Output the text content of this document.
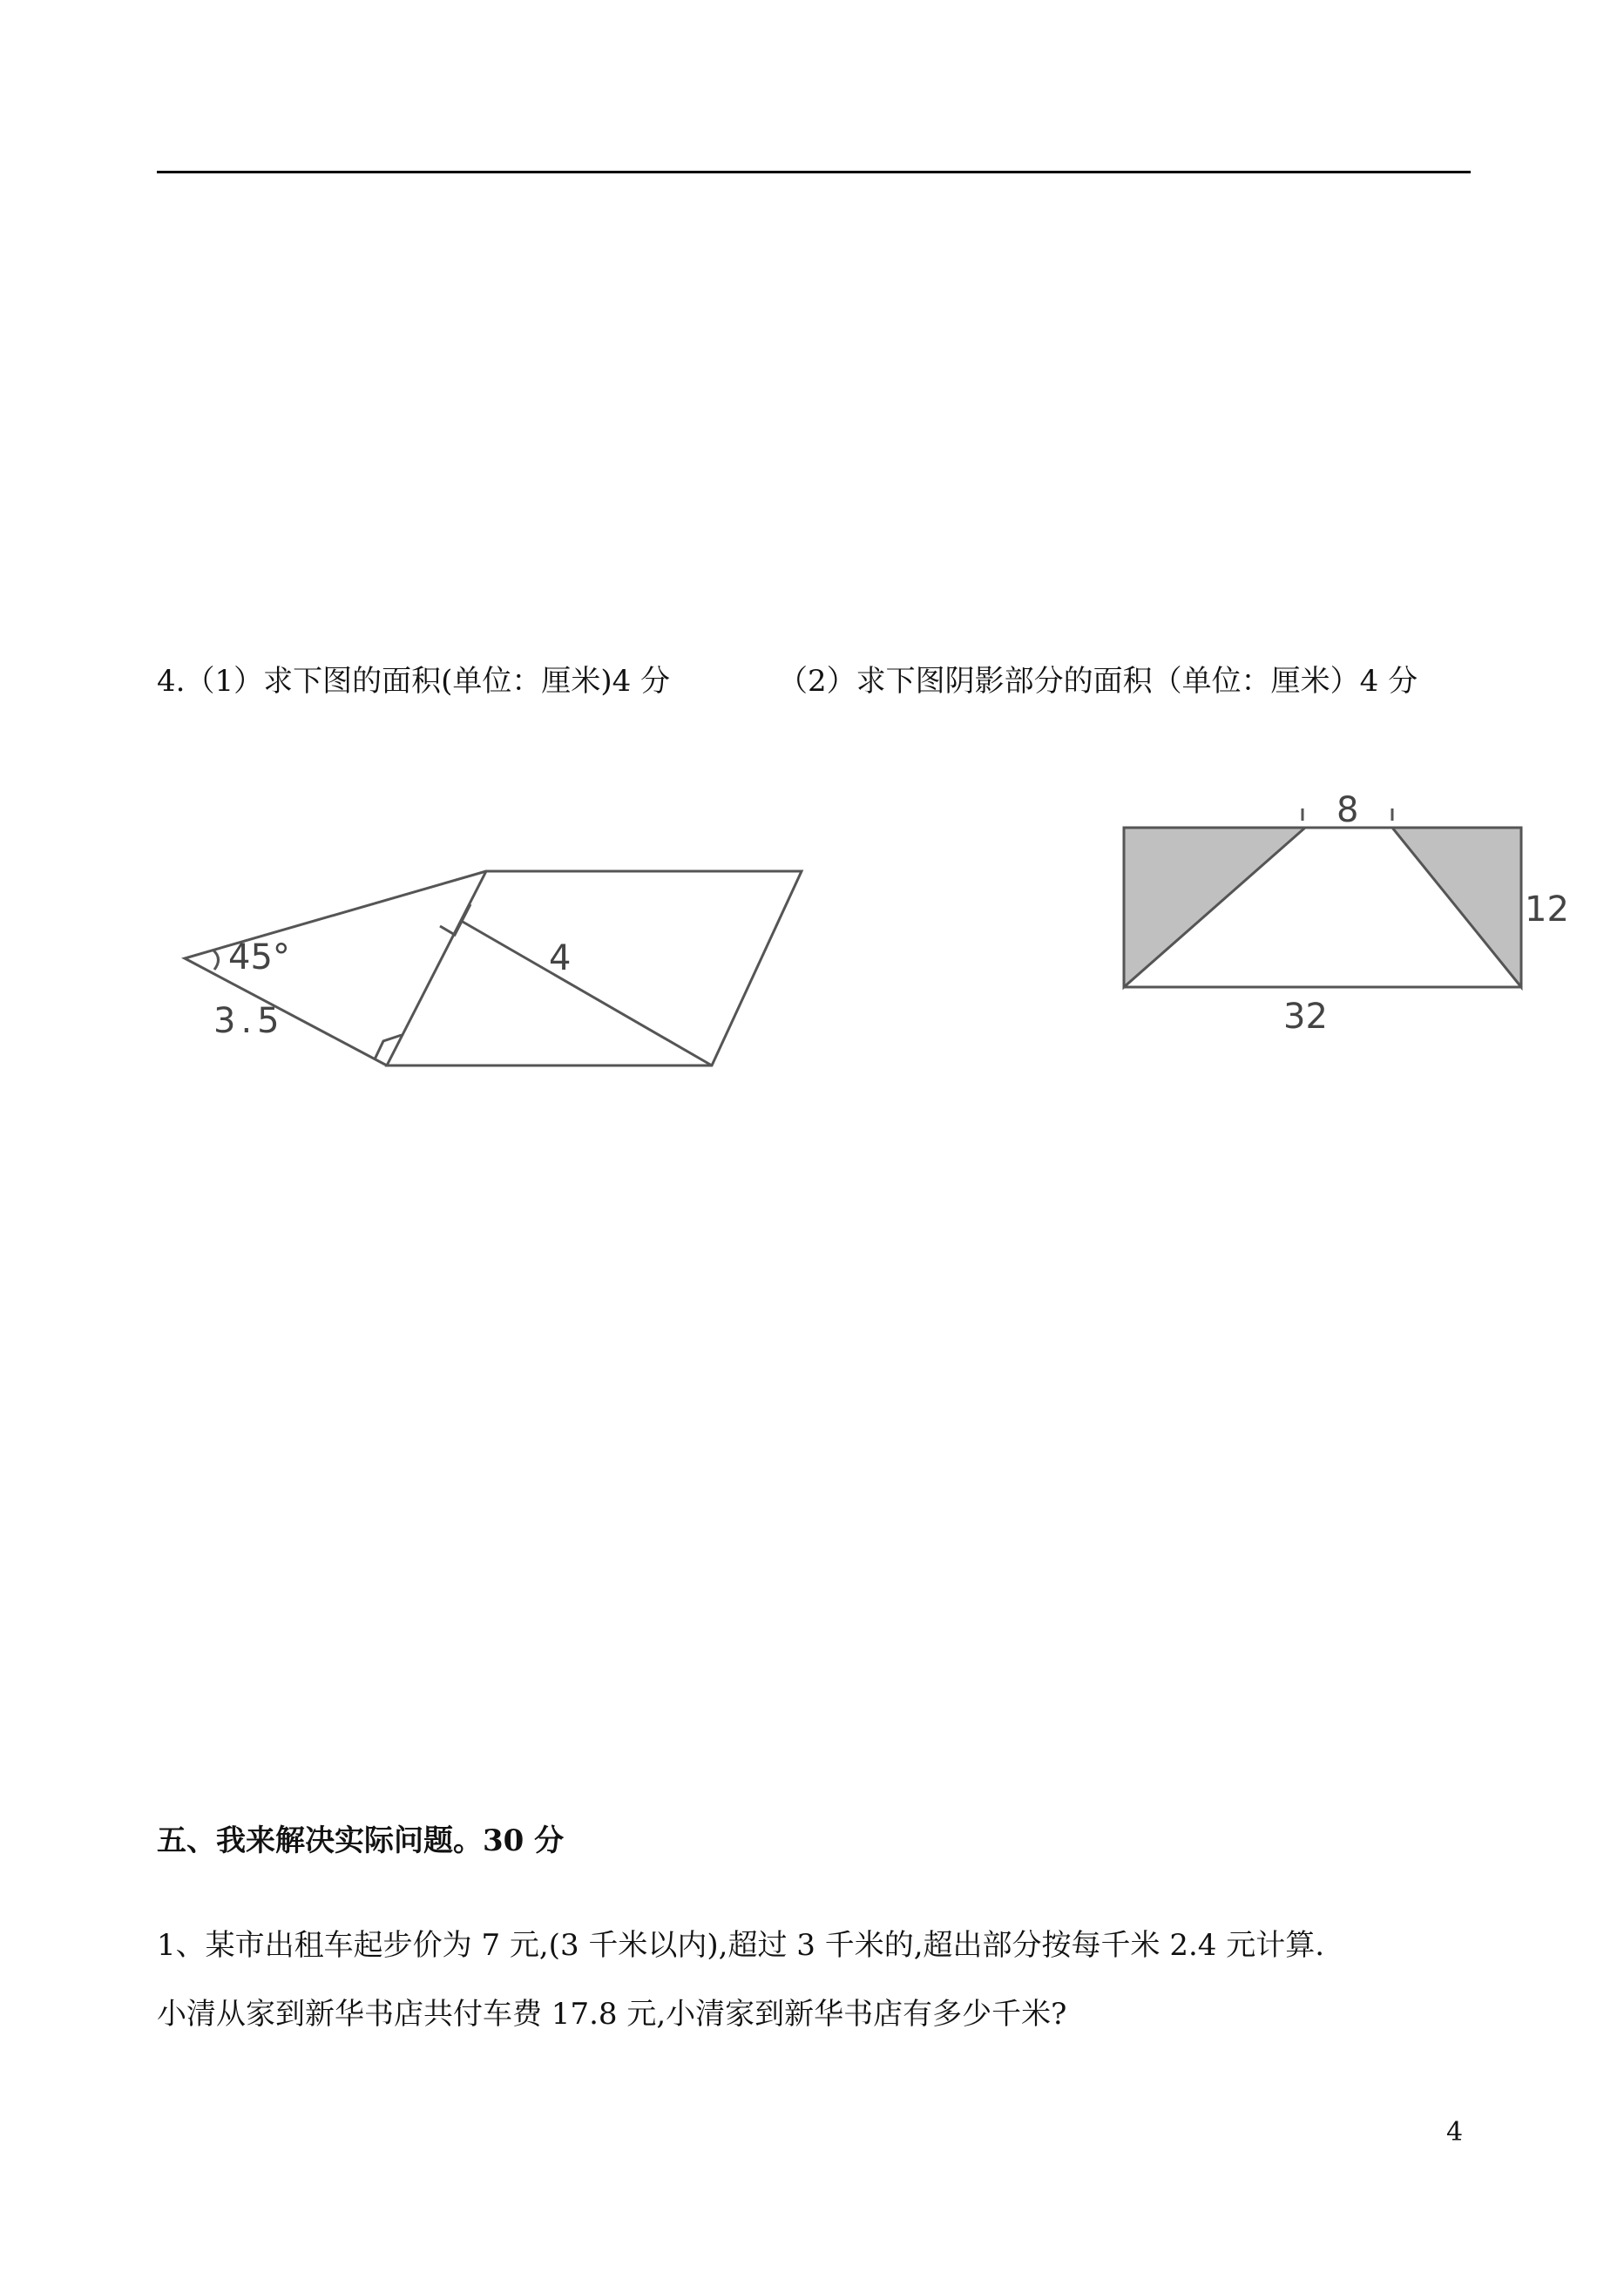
4.（1）求下图的面积(单位：厘米)4 分	（2）求下图阴影部分的面积（单位：厘米）4 分
45°
3.5
4
8
12
32
五、我来解决实际问题。30 分
1、某市出租车起步价为 7 元,(3 千米以内),超过 3 千米的,超出部分按每千米 2.4 元计算.
小清从家到新华书店共付车费 17.8 元,小清家到新华书店有多少千米?
4
